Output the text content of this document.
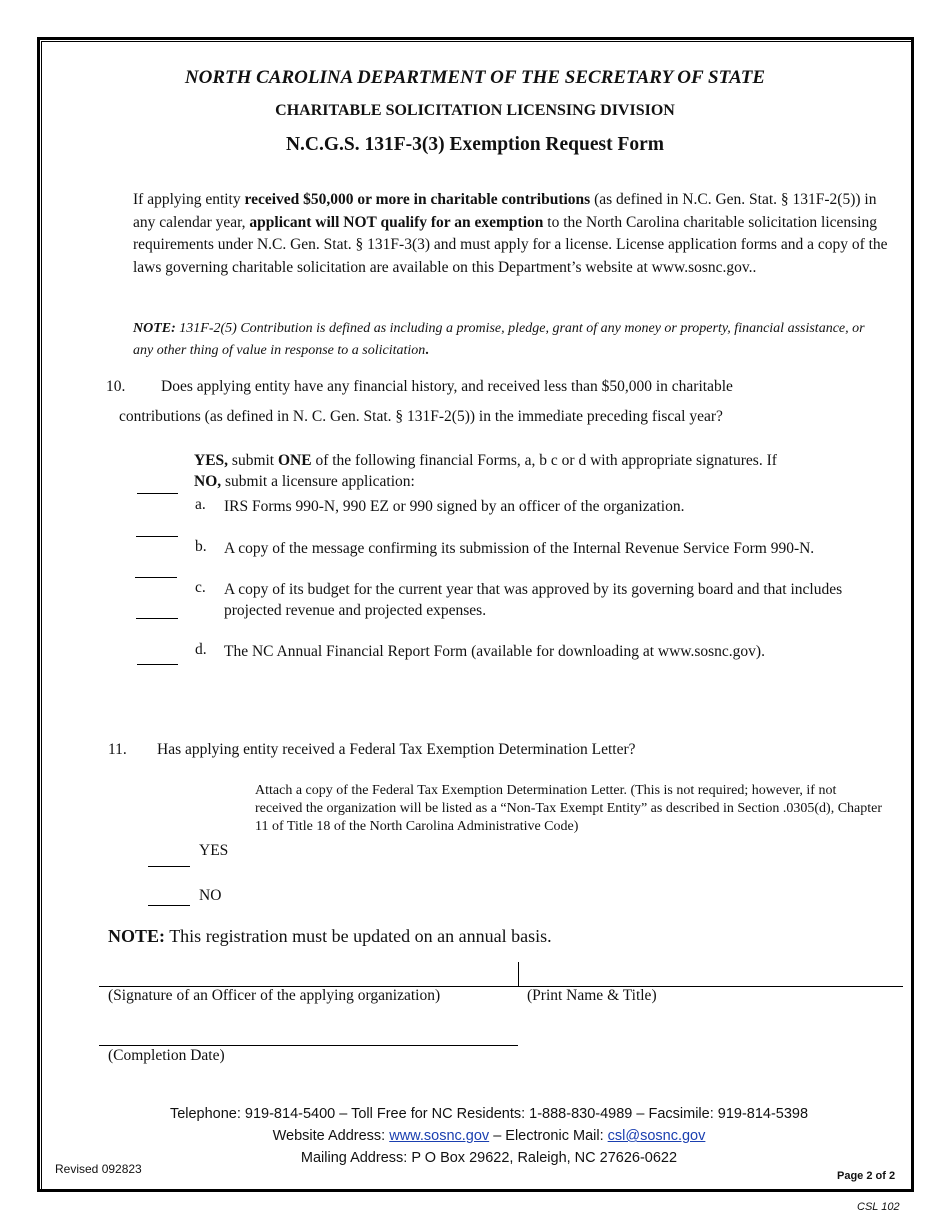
NORTH CAROLINA DEPARTMENT OF THE SECRETARY OF STATE
CHARITABLE SOLICITATION LICENSING DIVISION
N.C.G.S. 131F-3(3) Exemption Request Form
If applying entity received $50,000 or more in charitable contributions (as defined in N.C. Gen. Stat. § 131F-2(5)) in any calendar year, applicant will NOT qualify for an exemption to the North Carolina charitable solicitation licensing requirements under N.C. Gen. Stat. § 131F-3(3) and must apply for a license. License application forms and a copy of the laws governing charitable solicitation are available on this Department’s website at www.sosnc.gov..
NOTE: 131F-2(5) Contribution is defined as including a promise, pledge, grant of any money or property, financial assistance, or any other thing of value in response to a solicitation.
10. Does applying entity have any financial history, and received less than $50,000 in charitable
contributions (as defined in N. C. Gen. Stat. § 131F-2(5)) in the immediate preceding fiscal year?
YES, submit ONE of the following financial Forms, a, b c or d with appropriate signatures. If
NO, submit a licensure application:
a. IRS Forms 990-N, 990 EZ or 990 signed by an officer of the organization.
b. A copy of the message confirming its submission of the Internal Revenue Service Form 990-N.
c. A copy of its budget for the current year that was approved by its governing board and that includes projected revenue and projected expenses.
d. The NC Annual Financial Report Form (available for downloading at www.sosnc.gov).
11. Has applying entity received a Federal Tax Exemption Determination Letter?
Attach a copy of the Federal Tax Exemption Determination Letter. (This is not required; however, if not received the organization will be listed as a “Non-Tax Exempt Entity” as described in Section .0305(d), Chapter 11 of Title 18 of the North Carolina Administrative Code)
YES
NO
NOTE: This registration must be updated on an annual basis.
(Signature of an Officer of the applying organization)	(Print Name & Title)
(Completion Date)
Telephone: 919-814-5400 – Toll Free for NC Residents: 1-888-830-4989 – Facsimile: 919-814-5398
Website Address: www.sosnc.gov – Electronic Mail: csl@sosnc.gov
Mailing Address: P O Box 29622, Raleigh, NC 27626-0622
Revised 092823	Page 2 of 2
CSL 102
